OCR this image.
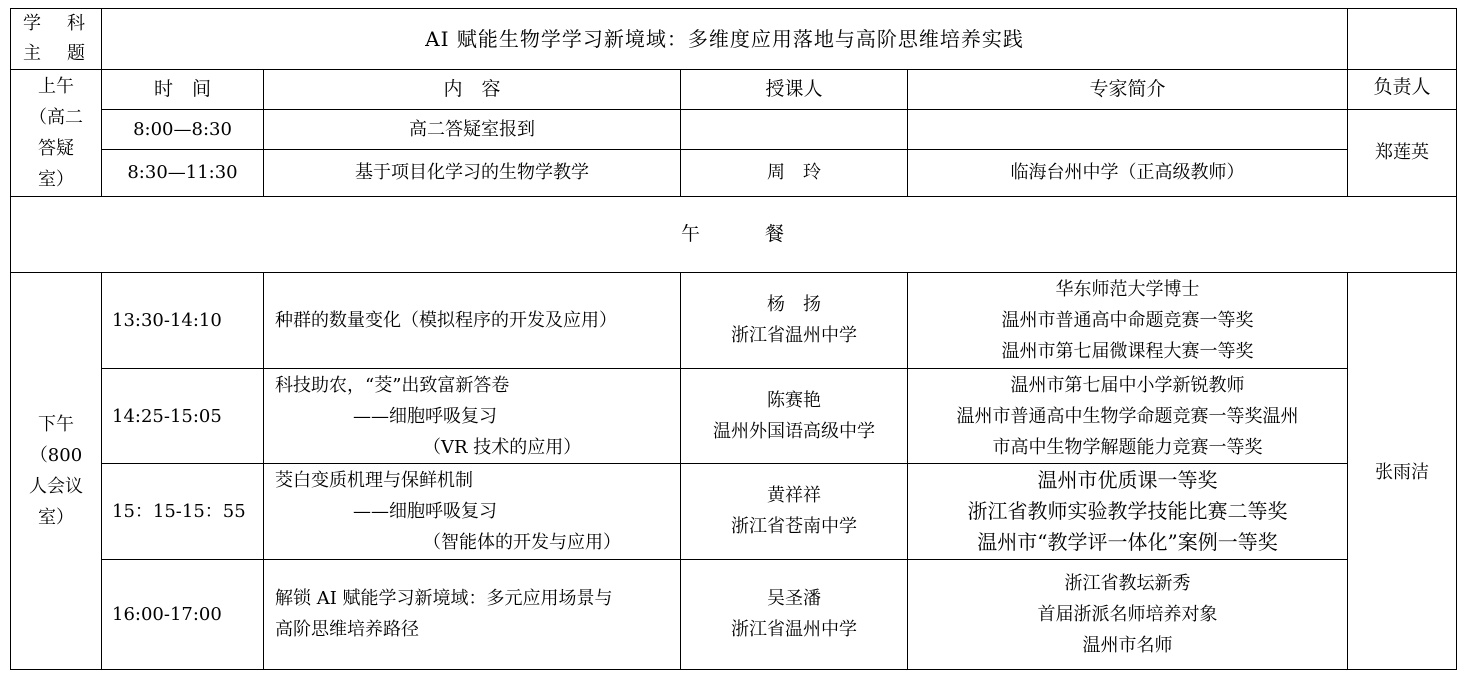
学　科
主　题	AI 赋能生物学学习新境域：多维度应用落地与高阶思维培养实践				

上午
（高二
答疑
室）	时　间	内　容	授课人	专家简介	负责人
	8:00—8:30	高二答疑室报到			郑莲英
	8:30—11:30	基于项目化学习的生物学教学	周　玲	临海台州中学（正高级教师）	
午　　　餐					

下午
（800
人会议
室）	13:30-14:10	种群的数量变化（模拟程序的开发及应用）	杨　扬
浙江省温州中学	华东师范大学博士
温州市普通高中命题竞赛一等奖
温州市第七届微课程大赛一等奖	张雨洁
	14:25-15:05	科技助农，“茭”出致富新答卷
——细胞呼吸复习
（VR 技术的应用）	陈赛艳
温州外国语高级中学	温州市第七届中小学新锐教师
温州市普通高中生物学命题竞赛一等奖温州
市高中生物学解题能力竞赛一等奖	

	15：15-15：55	茭白变质机理与保鲜机制
——细胞呼吸复习
（智能体的开发与应用）	黄祥祥
浙江省苍南中学	温州市优质课一等奖
浙江省教师实验教学技能比赛二等奖
温州市“教学评一体化”案例一等奖	

	16:00-17:00	解锁 AI 赋能学习新境域：多元应用场景与
高阶思维培养路径	吴圣潘
浙江省温州中学	浙江省教坛新秀
首届浙派名师培养对象
温州市名师	
